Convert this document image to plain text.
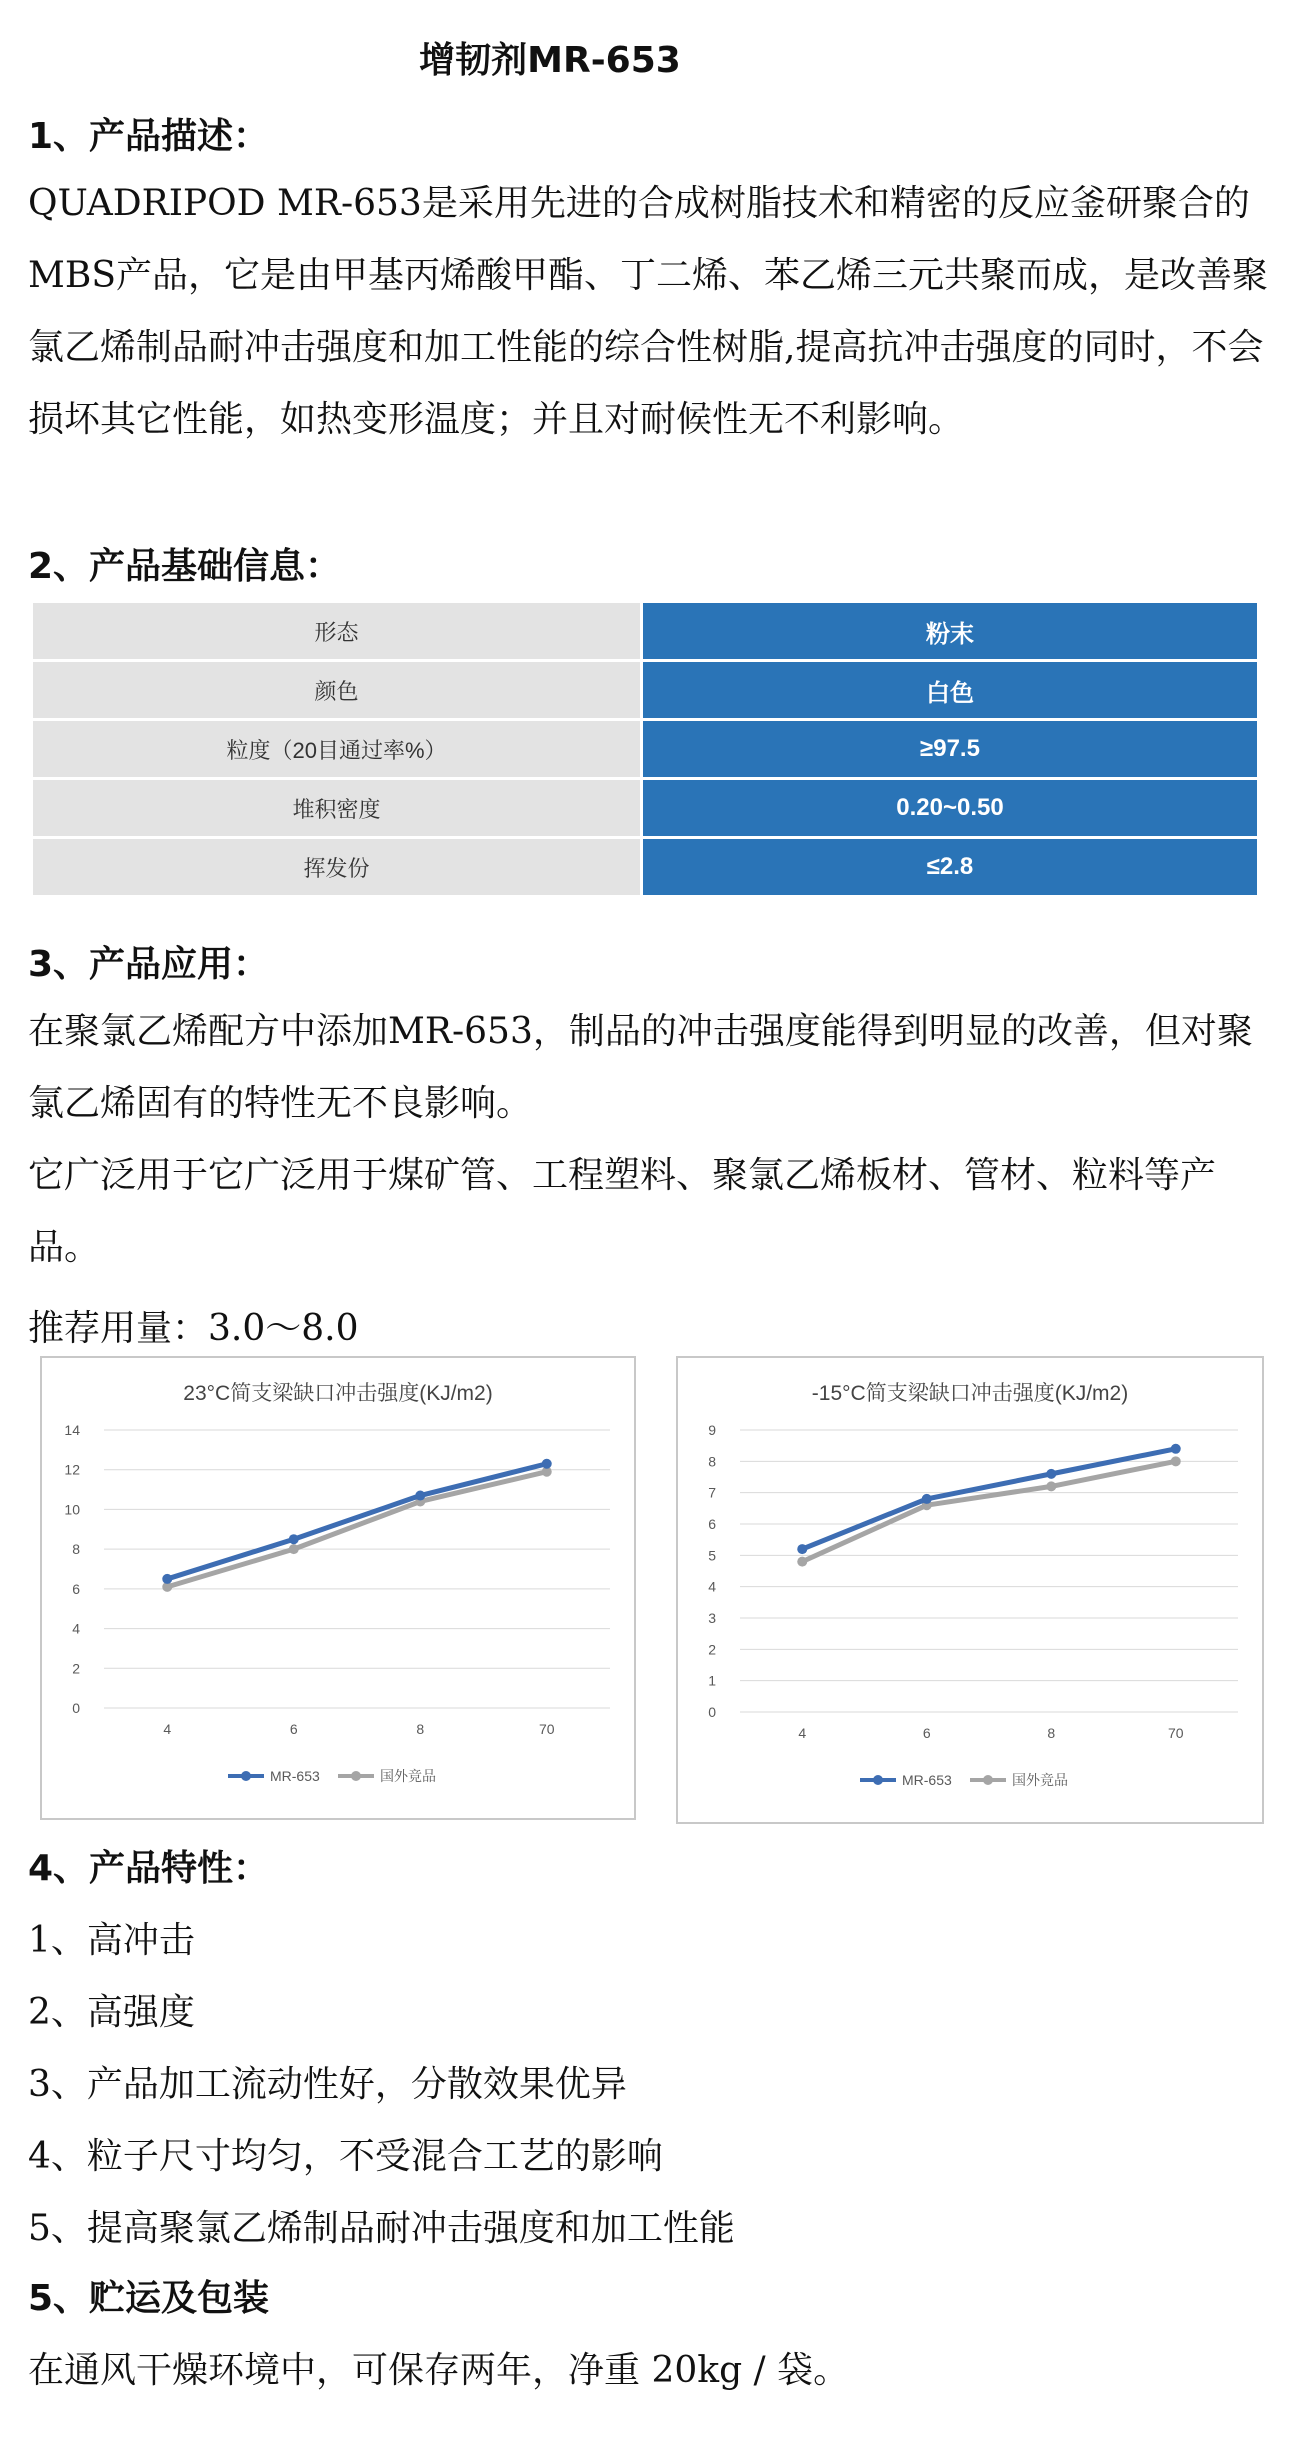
增韧剂MR-653
1、产品描述：
QUADRIPOD MR-653是采用先进的合成树脂技术和精密的反应釜研聚合的MBS产品，它是由甲基丙烯酸甲酯、丁二烯、苯乙烯三元共聚而成，是改善聚氯乙烯制品耐冲击强度和加工性能的综合性树脂,提高抗冲击强度的同时，不会损坏其它性能，如热变形温度；并且对耐候性无不利影响。
2、产品基础信息：
形态	粉末
颜色	白色
粒度（20目通过率%）	≥97.5
堆积密度	0.20~0.50
挥发份	≤2.8
3、产品应用：
在聚氯乙烯配方中添加MR-653，制品的冲击强度能得到明显的改善，但对聚氯乙烯固有的特性无不良影响。
它广泛用于它广泛用于煤矿管、工程塑料、聚氯乙烯板材、管材、粒料等产品。
推荐用量：3.0～8.0
23°C简支梁缺口冲击强度(KJ/m2)
0
2
4
6
8
10
12
14
4	6	8	70
MR-653	国外竞品
-15°C简支梁缺口冲击强度(KJ/m2)
0
1
2
3
4
5
6
7
8
9
4	6	8	70
MR-653	国外竞品
4、产品特性：
1、高冲击
2、高强度
3、产品加工流动性好，分散效果优异
4、粒子尺寸均匀，不受混合工艺的影响
5、提高聚氯乙烯制品耐冲击强度和加工性能
5、贮运及包装
在通风干燥环境中，可保存两年，净重 20kg / 袋。
